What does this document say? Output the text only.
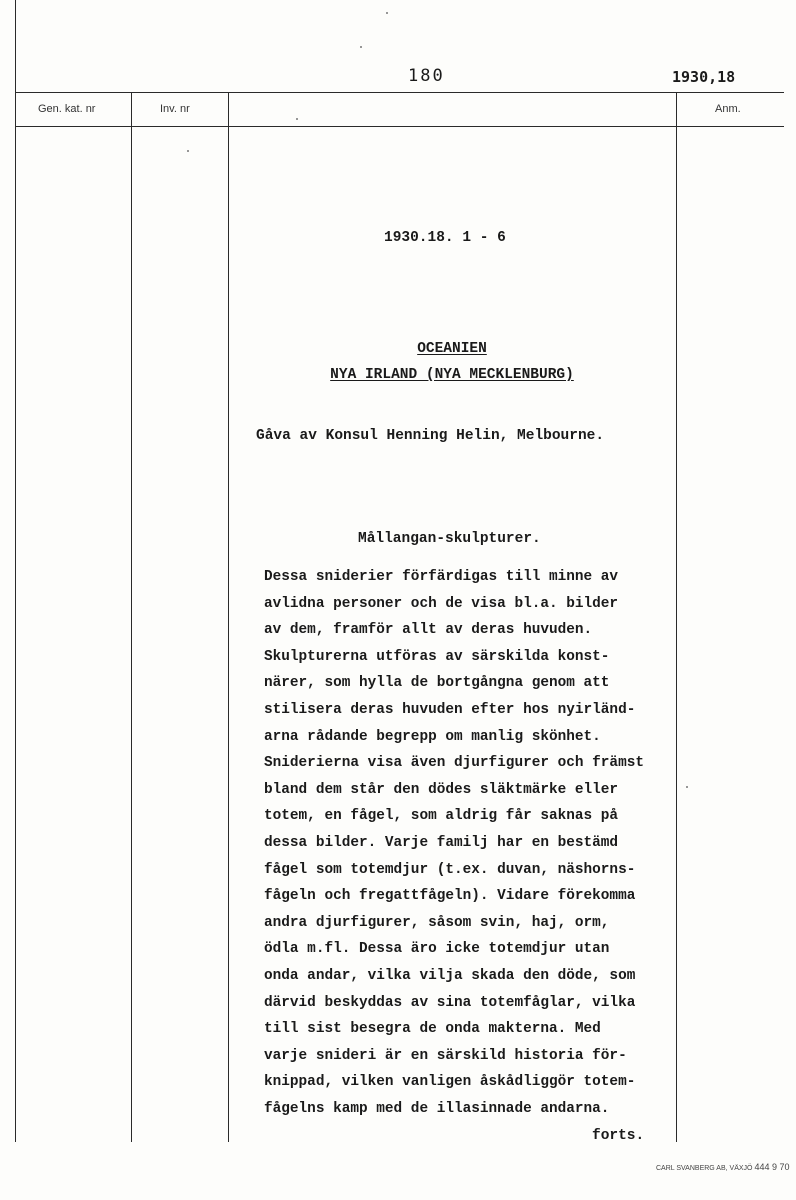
180	1930,18
Gen. kat. nr	Inv. nr	Anm.
1930.18. 1 - 6
OCEANIEN
NYA IRLAND (NYA MECKLENBURG)
Gåva av Konsul Henning Helin, Melbourne.
Mållangan-skulpturer.
Dessa sniderier förfärdigas till minne av
avlidna personer och de visa bl.a. bilder
av dem, framför allt av deras huvuden.
Skulpturerna utföras av särskilda konst-
närer, som hylla de bortgångna genom att
stilisera deras huvuden efter hos nyirländ-
arna rådande begrepp om manlig skönhet.
Sniderierna visa även djurfigurer och främst
bland dem står den dödes släktmärke eller
totem, en fågel, som aldrig får saknas på
dessa bilder. Varje familj har en bestämd
fågel som totemdjur (t.ex. duvan, näshorns-
fågeln och fregattfågeln). Vidare förekomma
andra djurfigurer, såsom svin, haj, orm,
ödla m.fl. Dessa äro icke totemdjur utan
onda andar, vilka vilja skada den döde, som
därvid beskyddas av sina totemfåglar, vilka
till sist besegra de onda makterna. Med
varje snideri är en särskild historia för-
knippad, vilken vanligen åskådliggör totem-
fågelns kamp med de illasinnade andarna.
forts.
CARL SVANBERG AB, VÄXJÖ 444 9 70
